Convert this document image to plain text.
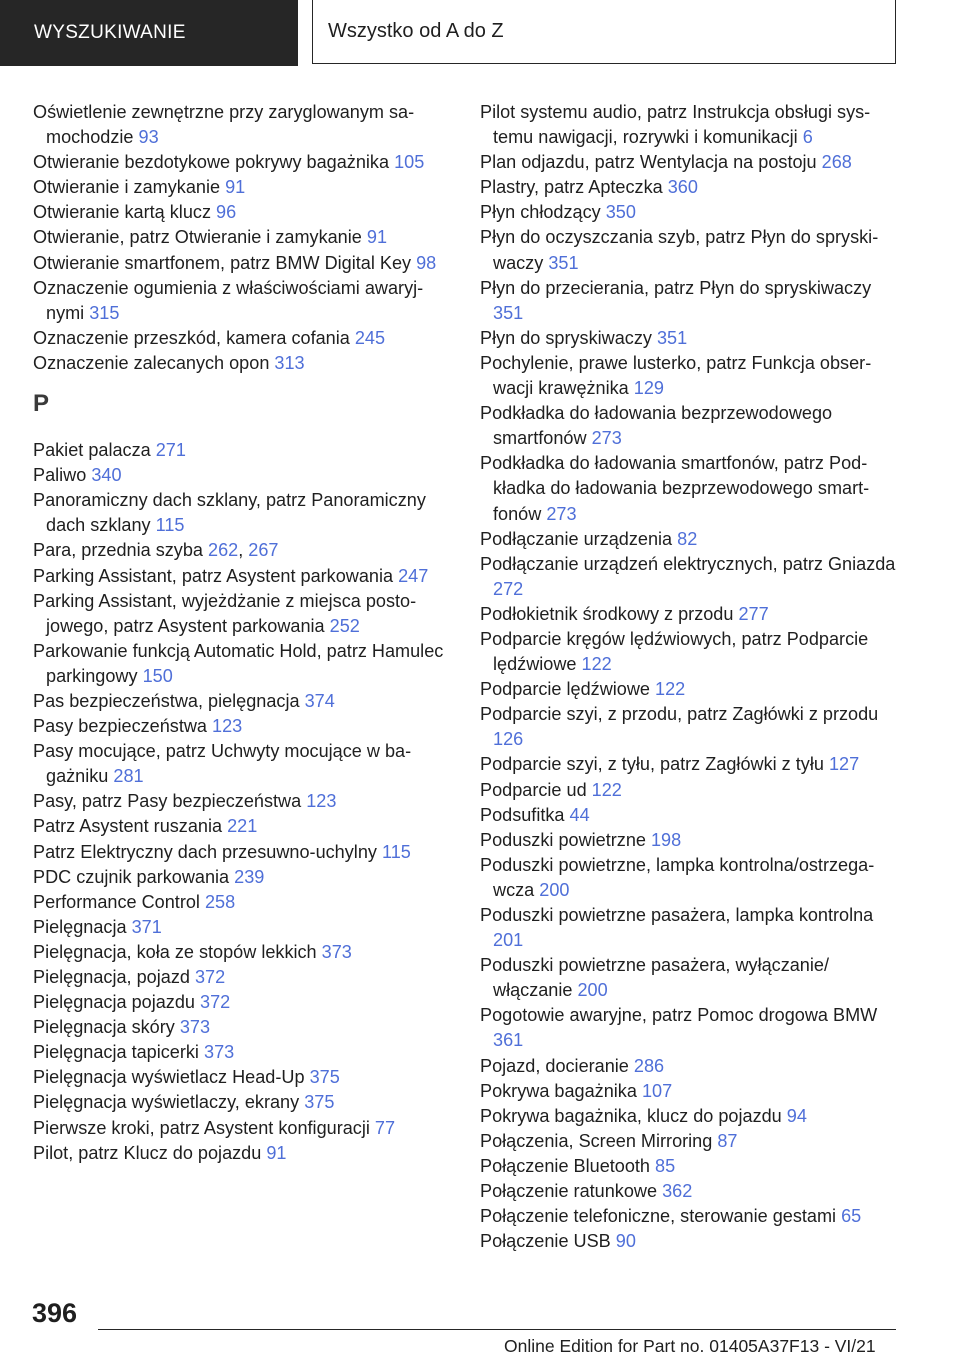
WYSZUKIWANIE	Wszystko od A do Z
Oświetlenie zewnętrzne przy zaryglowanym samochodzie 93
Otwieranie bezdotykowe pokrywy bagażnika 105
Otwieranie i zamykanie 91
Otwieranie kartą klucz 96
Otwieranie, patrz Otwieranie i zamykanie 91
Otwieranie smartfonem, patrz BMW Digital Key 98
Oznaczenie ogumienia z właściwościami awaryjnymi 315
Oznaczenie przeszkód, kamera cofania 245
Oznaczenie zalecanych opon 313
P
Pakiet palacza 271
Paliwo 340
Panoramiczny dach szklany, patrz Panoramiczny dach szklany 115
Para, przednia szyba 262, 267
Parking Assistant, patrz Asystent parkowania 247
Parking Assistant, wyjeżdżanie z miejsca postojowego, patrz Asystent parkowania 252
Parkowanie funkcją Automatic Hold, patrz Hamulec parkingowy 150
Pas bezpieczeństwa, pielęgnacja 374
Pasy bezpieczeństwa 123
Pasy mocujące, patrz Uchwyty mocujące w bagażniku 281
Pasy, patrz Pasy bezpieczeństwa 123
Patrz Asystent ruszania 221
Patrz Elektryczny dach przesuwno-uchylny 115
PDC czujnik parkowania 239
Performance Control 258
Pielęgnacja 371
Pielęgnacja, koła ze stopów lekkich 373
Pielęgnacja, pojazd 372
Pielęgnacja pojazdu 372
Pielęgnacja skóry 373
Pielęgnacja tapicerki 373
Pielęgnacja wyświetlacz Head-Up 375
Pielęgnacja wyświetlaczy, ekrany 375
Pierwsze kroki, patrz Asystent konfiguracji 77
Pilot, patrz Klucz do pojazdu 91
Pilot systemu audio, patrz Instrukcja obsługi systemu nawigacji, rozrywki i komunikacji 6
Plan odjazdu, patrz Wentylacja na postoju 268
Plastry, patrz Apteczka 360
Płyn chłodzący 350
Płyn do oczyszczania szyb, patrz Płyn do spryskiwaczy 351
Płyn do przecierania, patrz Płyn do spryskiwaczy 351
Płyn do spryskiwaczy 351
Pochylenie, prawe lusterko, patrz Funkcja obserwacji krawężnika 129
Podkładka do ładowania bezprzewodowego smartfonów 273
Podkładka do ładowania smartfonów, patrz Podkładka do ładowania bezprzewodowego smartfonów 273
Podłączanie urządzenia 82
Podłączanie urządzeń elektrycznych, patrz Gniazda 272
Podłokietnik środkowy z przodu 277
Podparcie kręgów lędźwiowych, patrz Podparcie lędźwiowe 122
Podparcie lędźwiowe 122
Podparcie szyi, z przodu, patrz Zagłówki z przodu 126
Podparcie szyi, z tyłu, patrz Zagłówki z tyłu 127
Podparcie ud 122
Podsufitka 44
Poduszki powietrzne 198
Poduszki powietrzne, lampka kontrolna/ostrzegawcza 200
Poduszki powietrzne pasażera, lampka kontrolna 201
Poduszki powietrzne pasażera, wyłączanie/ włączanie 200
Pogotowie awaryjne, patrz Pomoc drogowa BMW 361
Pojazd, docieranie 286
Pokrywa bagażnika 107
Pokrywa bagażnika, klucz do pojazdu 94
Połączenia, Screen Mirroring 87
Połączenie Bluetooth 85
Połączenie ratunkowe 362
Połączenie telefoniczne, sterowanie gestami 65
Połączenie USB 90
396
Online Edition for Part no. 01405A37F13 - VI/21
